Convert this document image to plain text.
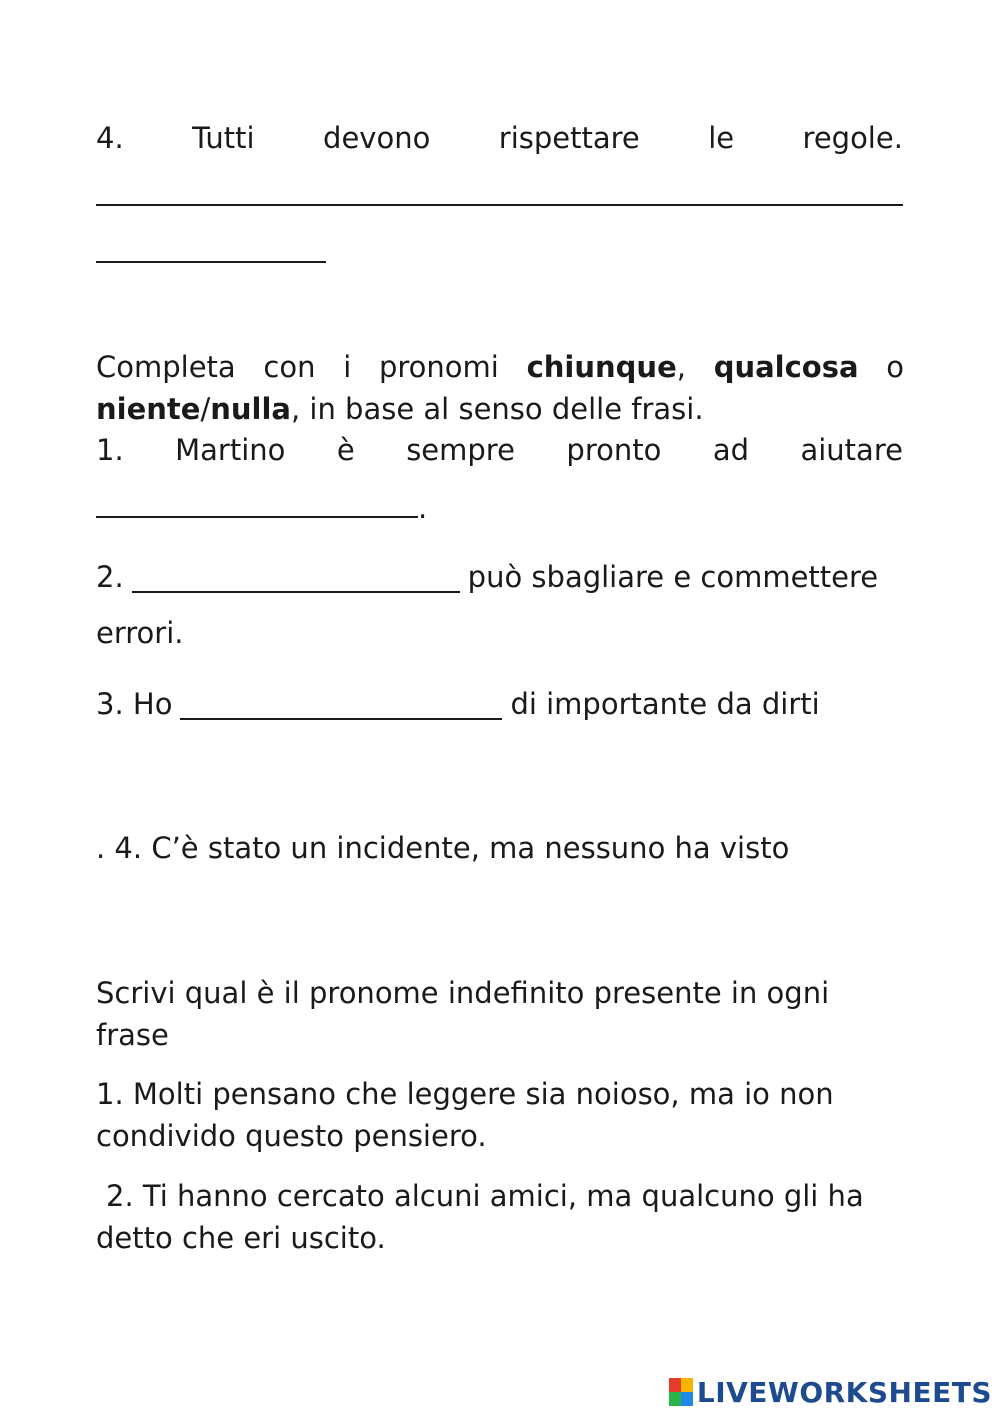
4. Tutti devono rispettare le regole.
Completa con i pronomi chiunque, qualcosa o niente/nulla, in base al senso delle frasi.
1. Martino è sempre pronto ad aiutare
.
2.	può sbagliare e commettere
errori.
3. Ho	di importante da dirti
. 4. C’è stato un incidente, ma nessuno ha visto
Scrivi qual è il pronome indefinito presente in ogni frase
1. Molti pensano che leggere sia noioso, ma io non condivido questo pensiero.
2. Ti hanno cercato alcuni amici, ma qualcuno gli ha detto che eri uscito.
LIVEWORKSHEETS
